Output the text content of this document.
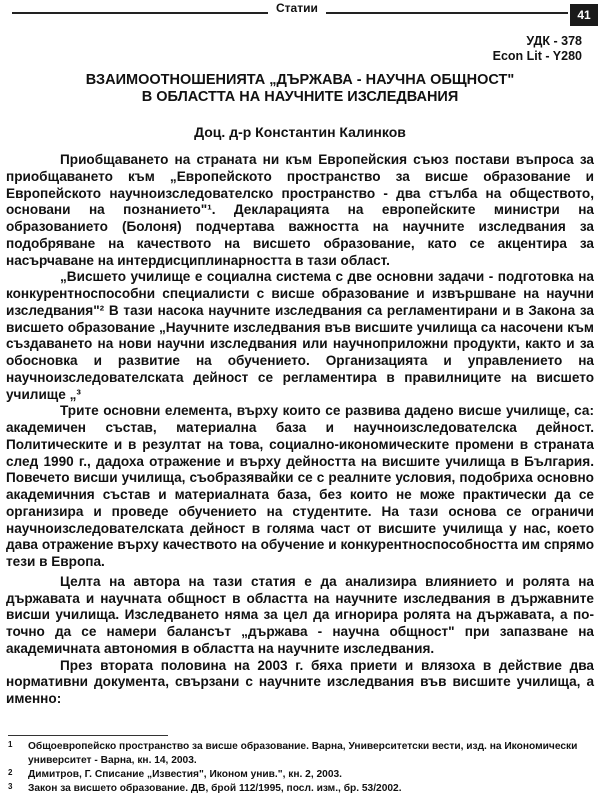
Статии	41
УДК - 378
Econ Lit - Y280
ВЗАИМООТНОШЕНИЯТА „ДЪРЖАВА - НАУЧНА ОБЩНОСТ"
В ОБЛАСТТА НА НАУЧНИТЕ ИЗСЛЕДВАНИЯ
Доц. д-р Константин Калинков

Приобщаването на страната ни към Европейския съюз постави въпроса за приобщаването към „Европейското пространство за висше образование и Европейското научноизследователско пространство - два стълба на обществото, основани на познанието"¹. Декларацията на европейските министри на образованието (Болоня) подчертава важността на научните изследвания за подобряване на качеството на висшето образование, като се акцентира за насърчаване на интердисциплинарността в тази област.

„Висшето училище е социална система с две основни задачи - подготовка на конкурентноспособни специалисти с висше образование и извършване на научни изследвания"² В тази насока научните изследвания са регламентирани и в Закона за висшето образование „Научните изследвания във висшите училища са насочени към създаването на нови научни изследвания или научноприложни продукти, както и за обосновка и развитие на обучението. Организацията и управлението на научноизследователската дейност се регламентира в правилниците на висшето училище „³

Трите основни елемента, върху които се развива дадено висше училище, са: академичен състав, материална база и научноизследователска дейност. Политическите и в резултат на това, социално-икономическите промени в страната след 1990 г., дадоха отражение и върху дейността на висшите училища в България. Повечето висши училища, съобразявайки се с реалните условия, подобриха основно академичния състав и материалната база, без които не може практически да се организира и проведе обучението на студентите. На тази основа се ограничи научноизследователската дейност в голяма част от висшите училища у нас, което дава отражение върху качеството на обучение и конкурентноспособността им спрямо тези в Европа.

Целта на автора на тази статия е да анализира влиянието и ролята на държавата и научната общност в областта на научните изследвания в държавните висши училища. Изследването няма за цел да игнорира ролята на държавата, а по-точно да се намери балансът „държава - научна общност" при запазване на академичната автономия в областта на научните изследвания.

През втората половина на 2003 г. бяха приети и влязоха в действие два нормативни документа, свързани с научните изследвания във висшите училища, а именно:

1 Общоевропейско пространство за висше образование. Варна, Университетски вести, изд. на Икономически университет - Варна, кн. 14, 2003.
2 Димитров, Г. Списание „Известия", Иконом унив.", кн. 2, 2003.
3 Закон за висшето образование. ДВ, брой 112/1995, посл. изм., бр. 53/2002.
